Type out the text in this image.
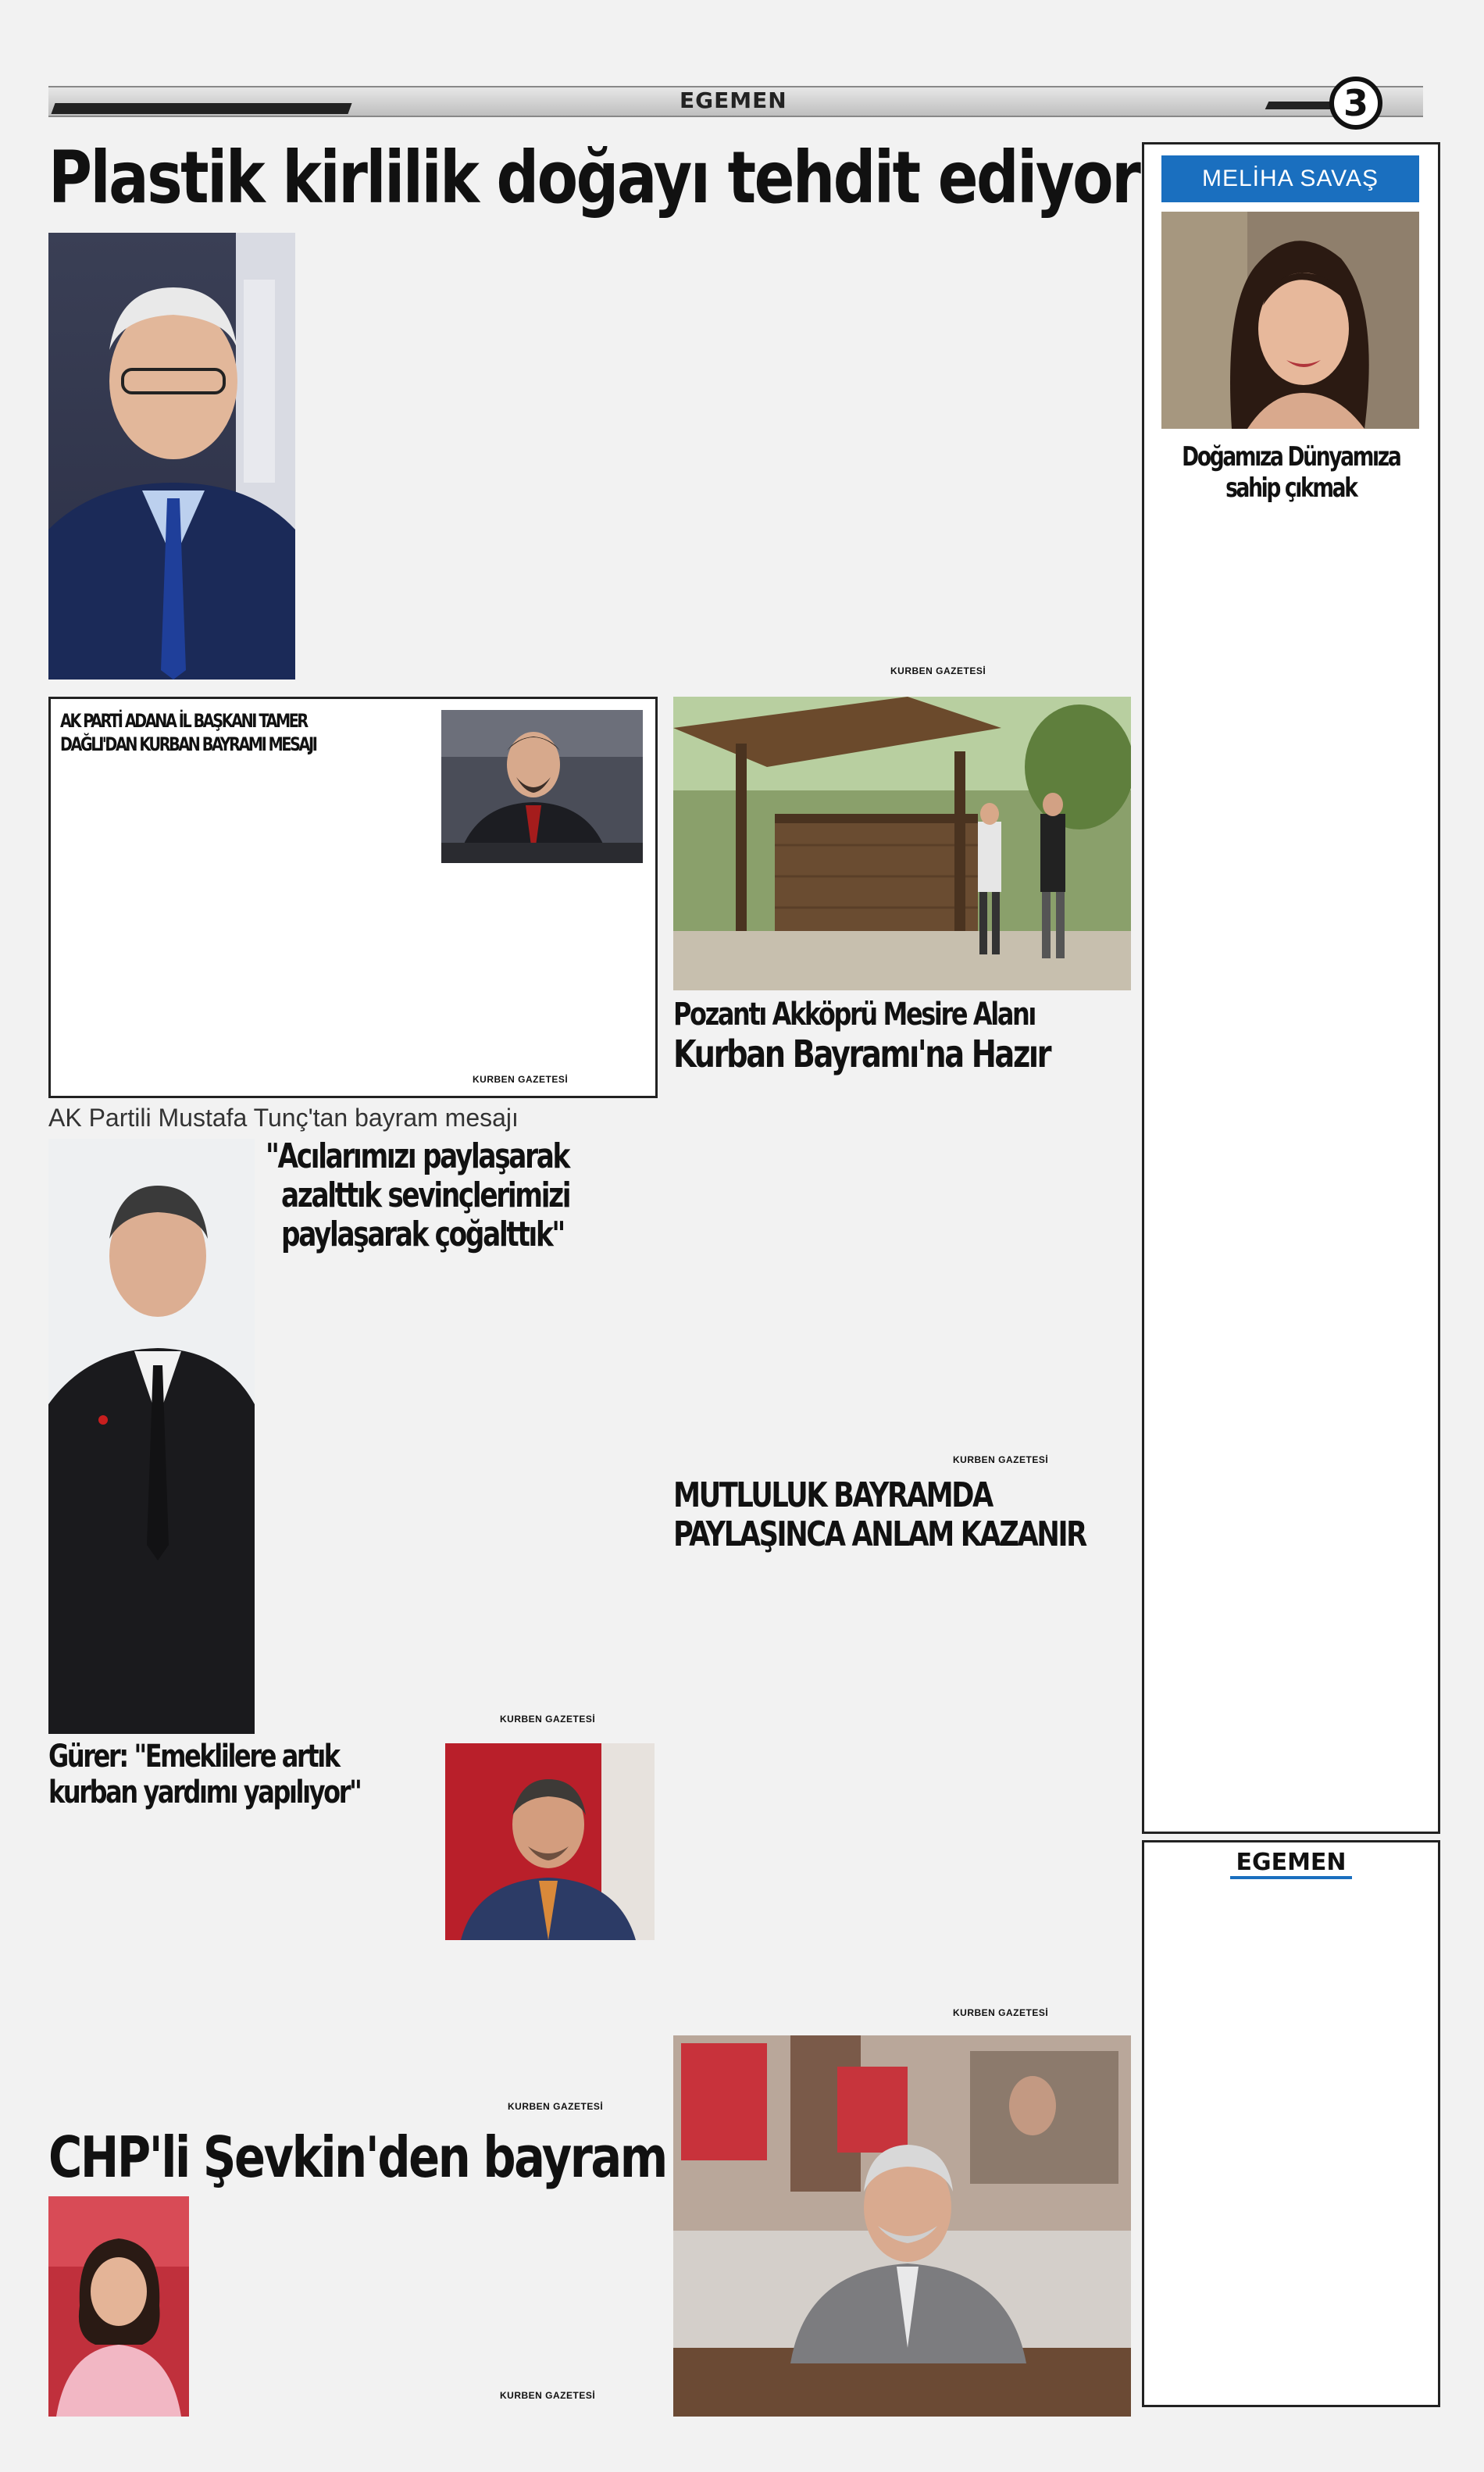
EGEMEN	3
Plastik kirlilik doğayı tehdit ediyor

KURBEN GAZETESİ
MELİHA SAVAŞ
Doğamıza Dünyamıza
sahip çıkmak

EGEMEN
AK PARTİ ADANA İL BAŞKANI TAMER
DAĞLI'DAN KURBAN BAYRAMI MESAJI
KURBEN GAZETESİ
Pozantı Akköprü Mesire Alanı
Kurban Bayramı'na Hazır
KURBEN GAZETESİ
AK Partili Mustafa Tunç'tan bayram mesajı
"Acılarımızı paylaşarak
azalttık sevinçlerimizi
paylaşarak çoğalttık"
KURBEN GAZETESİ
MUTLULUK BAYRAMDA
PAYLAŞINCA ANLAM KAZANIR
KURBEN GAZETESİ
Gürer: "Emeklilere artık
kurban yardımı yapılıyor"
KURBEN GAZETESİ
CHP'li Şevkin'den bayram
KURBEN GAZETESİ
